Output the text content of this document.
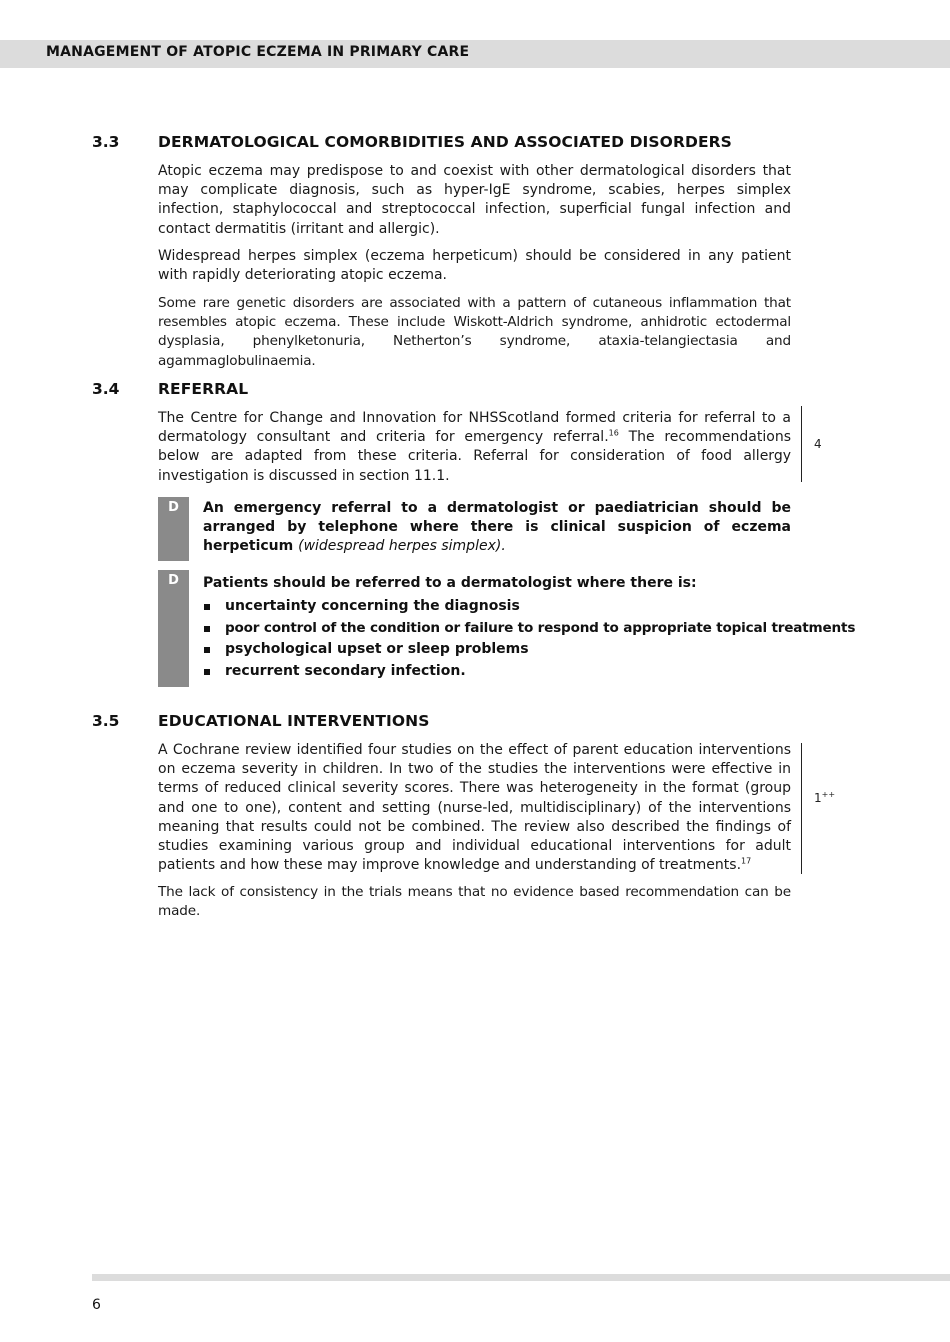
MANAGEMENT OF ATOPIC ECZEMA IN PRIMARY CARE
3.3 DERMATOLOGICAL COMORBIDITIES AND ASSOCIATED DISORDERS

Atopic eczema may predispose to and coexist with other dermatological disorders that may complicate diagnosis, such as hyper-IgE syndrome, scabies, herpes simplex infection, staphylococcal and streptococcal infection, superficial fungal infection and contact dermatitis (irritant and allergic).

Widespread herpes simplex (eczema herpeticum) should be considered in any patient with rapidly deteriorating atopic eczema.

Some rare genetic disorders are associated with a pattern of cutaneous inflammation that resembles atopic eczema. These include Wiskott-Aldrich syndrome, anhidrotic ectodermal dysplasia, phenylketonuria, Netherton’s syndrome, ataxia-telangiectasia and agammaglobulinaemia.

3.4 REFERRAL

The Centre for Change and Innovation for NHSScotland formed criteria for referral to a dermatology consultant and criteria for emergency referral.$^{16}$ The recommendations below are adapted from these criteria. Referral for consideration of food allergy investigation is discussed in section 11.1.

4
D	An emergency referral to a dermatologist or paediatrician should be arranged by telephone where there is clinical suspicion of eczema herpeticum (widespread herpes simplex).

D	Patients should be referred to a dermatologist where there is:

uncertainty concerning the diagnosis
poor control of the condition or failure to respond to appropriate topical treatments
psychological upset or sleep problems
recurrent secondary infection.
3.5 EDUCATIONAL INTERVENTIONS

A Cochrane review identified four studies on the effect of parent education interventions on eczema severity in children. In two of the studies the interventions were effective in terms of reduced clinical severity scores. There was heterogeneity in the format (group and one to one), content and setting (nurse-led, multidisciplinary) of the interventions meaning that results could not be combined. The review also described the findings of studies examining various group and individual educational interventions for adult patients and how these may improve knowledge and understanding of treatments.$^{17}$

1++

The lack of consistency in the trials means that no evidence based recommendation can be made.

6
